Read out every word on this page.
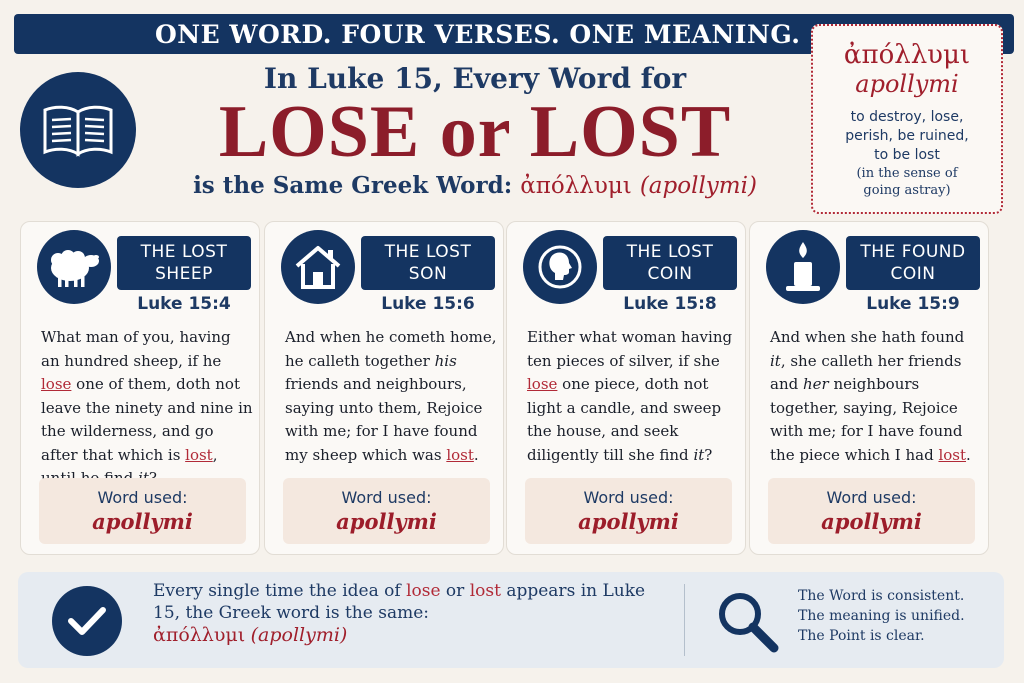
ONE WORD. FOUR VERSES. ONE MEANING.
In Luke 15, Every Word for
LOSE or LOST
is the Same Greek Word: ἀπόλλυμι (apollymi)
ἀπόλλυμι
apollymi
to destroy, lose,
perish, be ruined,
to be lost
(in the sense of
going astray)
THE LOST
SHEEP
Luke 15:4
What man of you, having an hundred sheep, if he lose one of them, doth not leave the ninety and nine in the wilderness, and go after that which is lost,
Word used:
apollymi
THE LOST
SON
Luke 15:6
And when he cometh home, he calleth together his friends and neighbours, saying unto them, Rejoice with me; for I have found my sheep which was lost.
Word used:
apollymi
THE LOST
COIN
Luke 15:8
Either what woman having ten pieces of silver, if she lose one piece, doth not light a candle, and sweep the house, and seek diligently till she find it?
Word used:
apollymi
THE FOUND
COIN
Luke 15:9
And when she hath found it, she calleth her friends and her neighbours together, saying, Rejoice with me; for I have found the piece which I had lost.
Word used:
apollymi
Every single time the idea of lose or lost appears in Luke 15, the Greek word is the same:
ἀπόλλυμι (apollymi)
The Word is consistent.
The meaning is unified.
The Point is clear.
